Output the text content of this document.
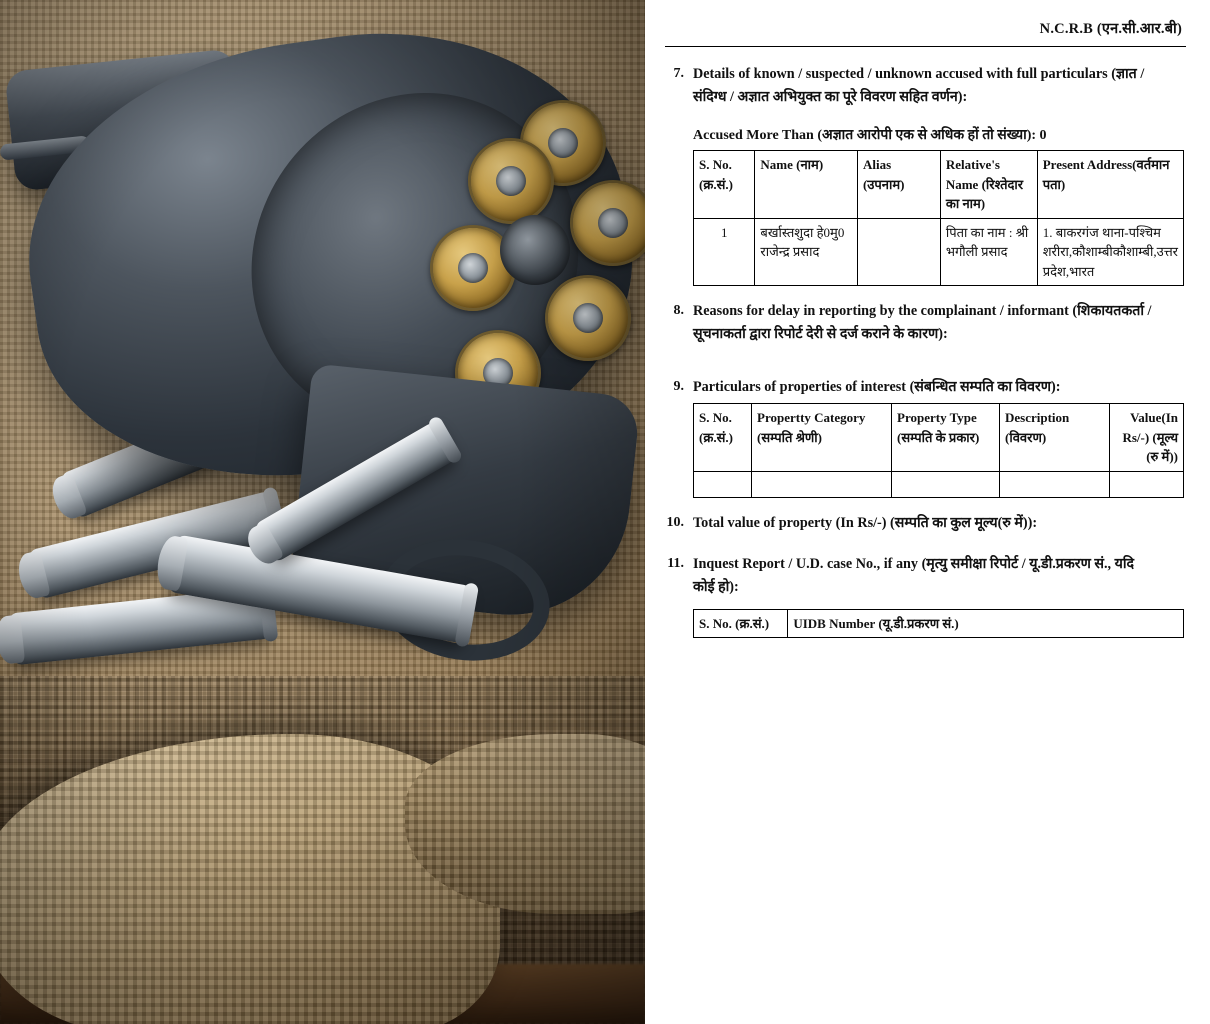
N.C.R.B (एन.सी.आर.बी)
7. Details of known / suspected / unknown accused with full particulars (ज्ञात /
संदिग्ध / अज्ञात अभियुक्त का पूरे विवरण सहित वर्णन):
Accused More Than (अज्ञात आरोपी एक से अधिक हों तो संख्या): 0
S. No. (क्र.सं.)	Name (नाम)	Alias (उपनाम)	Relative's Name (रिश्तेदार का नाम)	Present Address(वर्तमान पता)
1	बर्खास्तशुदा हे0मु0 राजेन्द्र प्रसाद		पिता का नाम : श्री भगौली प्रसाद	1. बाकरगंज थाना-पश्चिम शरीरा,कौशाम्बीकौशाम्बी,उत्तर प्रदेश,भारत
8. Reasons for delay in reporting by the complainant / informant (शिकायतकर्ता /
सूचनाकर्ता द्वारा रिपोर्ट देरी से दर्ज कराने के कारण):
9. Particulars of properties of interest (संबन्धित सम्पति का विवरण):
S. No. (क्र.सं.)	Propertty Category (सम्पति श्रेणी)	Property Type (सम्पति के प्रकार)	Description (विवरण)	Value(In Rs/-) (मूल्य (रु में))

10. Total value of property (In Rs/-) (सम्पति का कुल मूल्य(रु में)):
11. Inquest Report / U.D. case No., if any (मृत्यु समीक्षा रिपोर्ट / यू.डी.प्रकरण सं., यदि
कोई हो):
S. No. (क्र.सं.)	UIDB Number (यू.डी.प्रकरण सं.)
